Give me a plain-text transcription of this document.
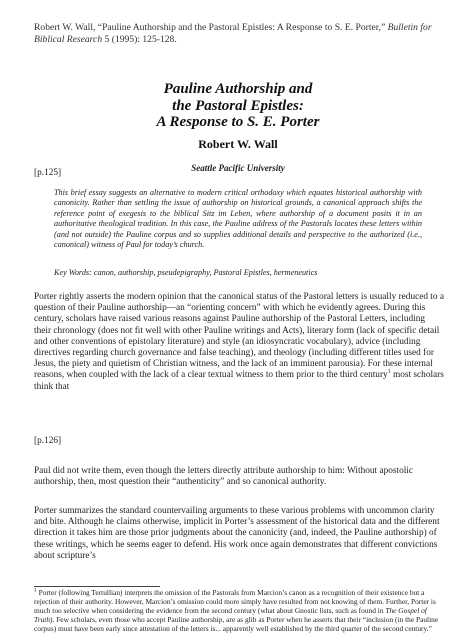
Robert W. Wall, “Pauline Authorship and the Pastoral Epistles: A Response to S. E. Porter,” Bulletin for Biblical Research 5 (1995): 125-128.
Pauline Authorship and
the Pastoral Epistles:
A Response to S. E. Porter
Robert W. Wall
Seattle Pacific University
[p.125]
This brief essay suggests an alternative to modern critical orthodoxy which equates historical authorship with canonicity. Rather than settling the issue of authorship on historical grounds, a canonical approach shifts the reference point of exegesis to the biblical Sitz im Leben, where authorship of a document posits it in an authoritative theological tradition. In this case, the Pauline address of the Pastorals locates these letters within (and not outside) the Pauline corpus and so supplies additional details and perspective to the authorized (i.e., canonical) witness of Paul for today’s church.
Key Words: canon, authorship, pseudepigraphy, Pastoral Epistles, hermeneutics
Porter rightly asserts the modern opinion that the canonical status of the Pastoral letters is usually reduced to a question of their Pauline authorship—an “orienting concern” with which he evidently agrees. During this century, scholars have raised various reasons against Pauline authorship of the Pastoral Letters, including their chronology (does not fit well with other Pauline writings and Acts), literary form (lack of specific detail and other conventions of epistolary literature) and style (an idiosyncratic vocabulary), advice (including directives regarding church governance and false teaching), and theology (including different titles used for Jesus, the piety and quietism of Christian witness, and the lack of an imminent parousia). For these internal reasons, when coupled with the lack of a clear textual witness to them prior to the third century$^1$ most scholars think that
[p.126]
Paul did not write them, even though the letters directly attribute authorship to him: Without apostolic authorship, then, most question their “authenticity” and so canonical authority.
Porter summarizes the standard countervailing arguments to these various problems with uncommon clarity and bite. Although he claims otherwise, implicit in Porter’s assessment of the historical data and the different direction it takes him are those prior judgments about the canonicity (and, indeed, the Pauline authorship) of these writings, which he seems eager to defend. His work once again demonstrates that different convictions about scripture’s
$^1$ Porter (following Tertullian) interprets the omission of the Pastorals from Marcion’s canon as a recognition of their existence but a rejection of their authority. However, Marcion’s omission could more simply have resulted from not knowing of them. Further, Porter is much too selective when considering the evidence from the second century (what about Gnostic lists, such as found in The Gospel of Truth). Few scholars, even those who accept Pauline authorship, are as glib as Porter when he asserts that their “inclusion (in the Pauline corpus) must have been early since attestation of the letters is... apparently well established by the third quarter of the second century.”
